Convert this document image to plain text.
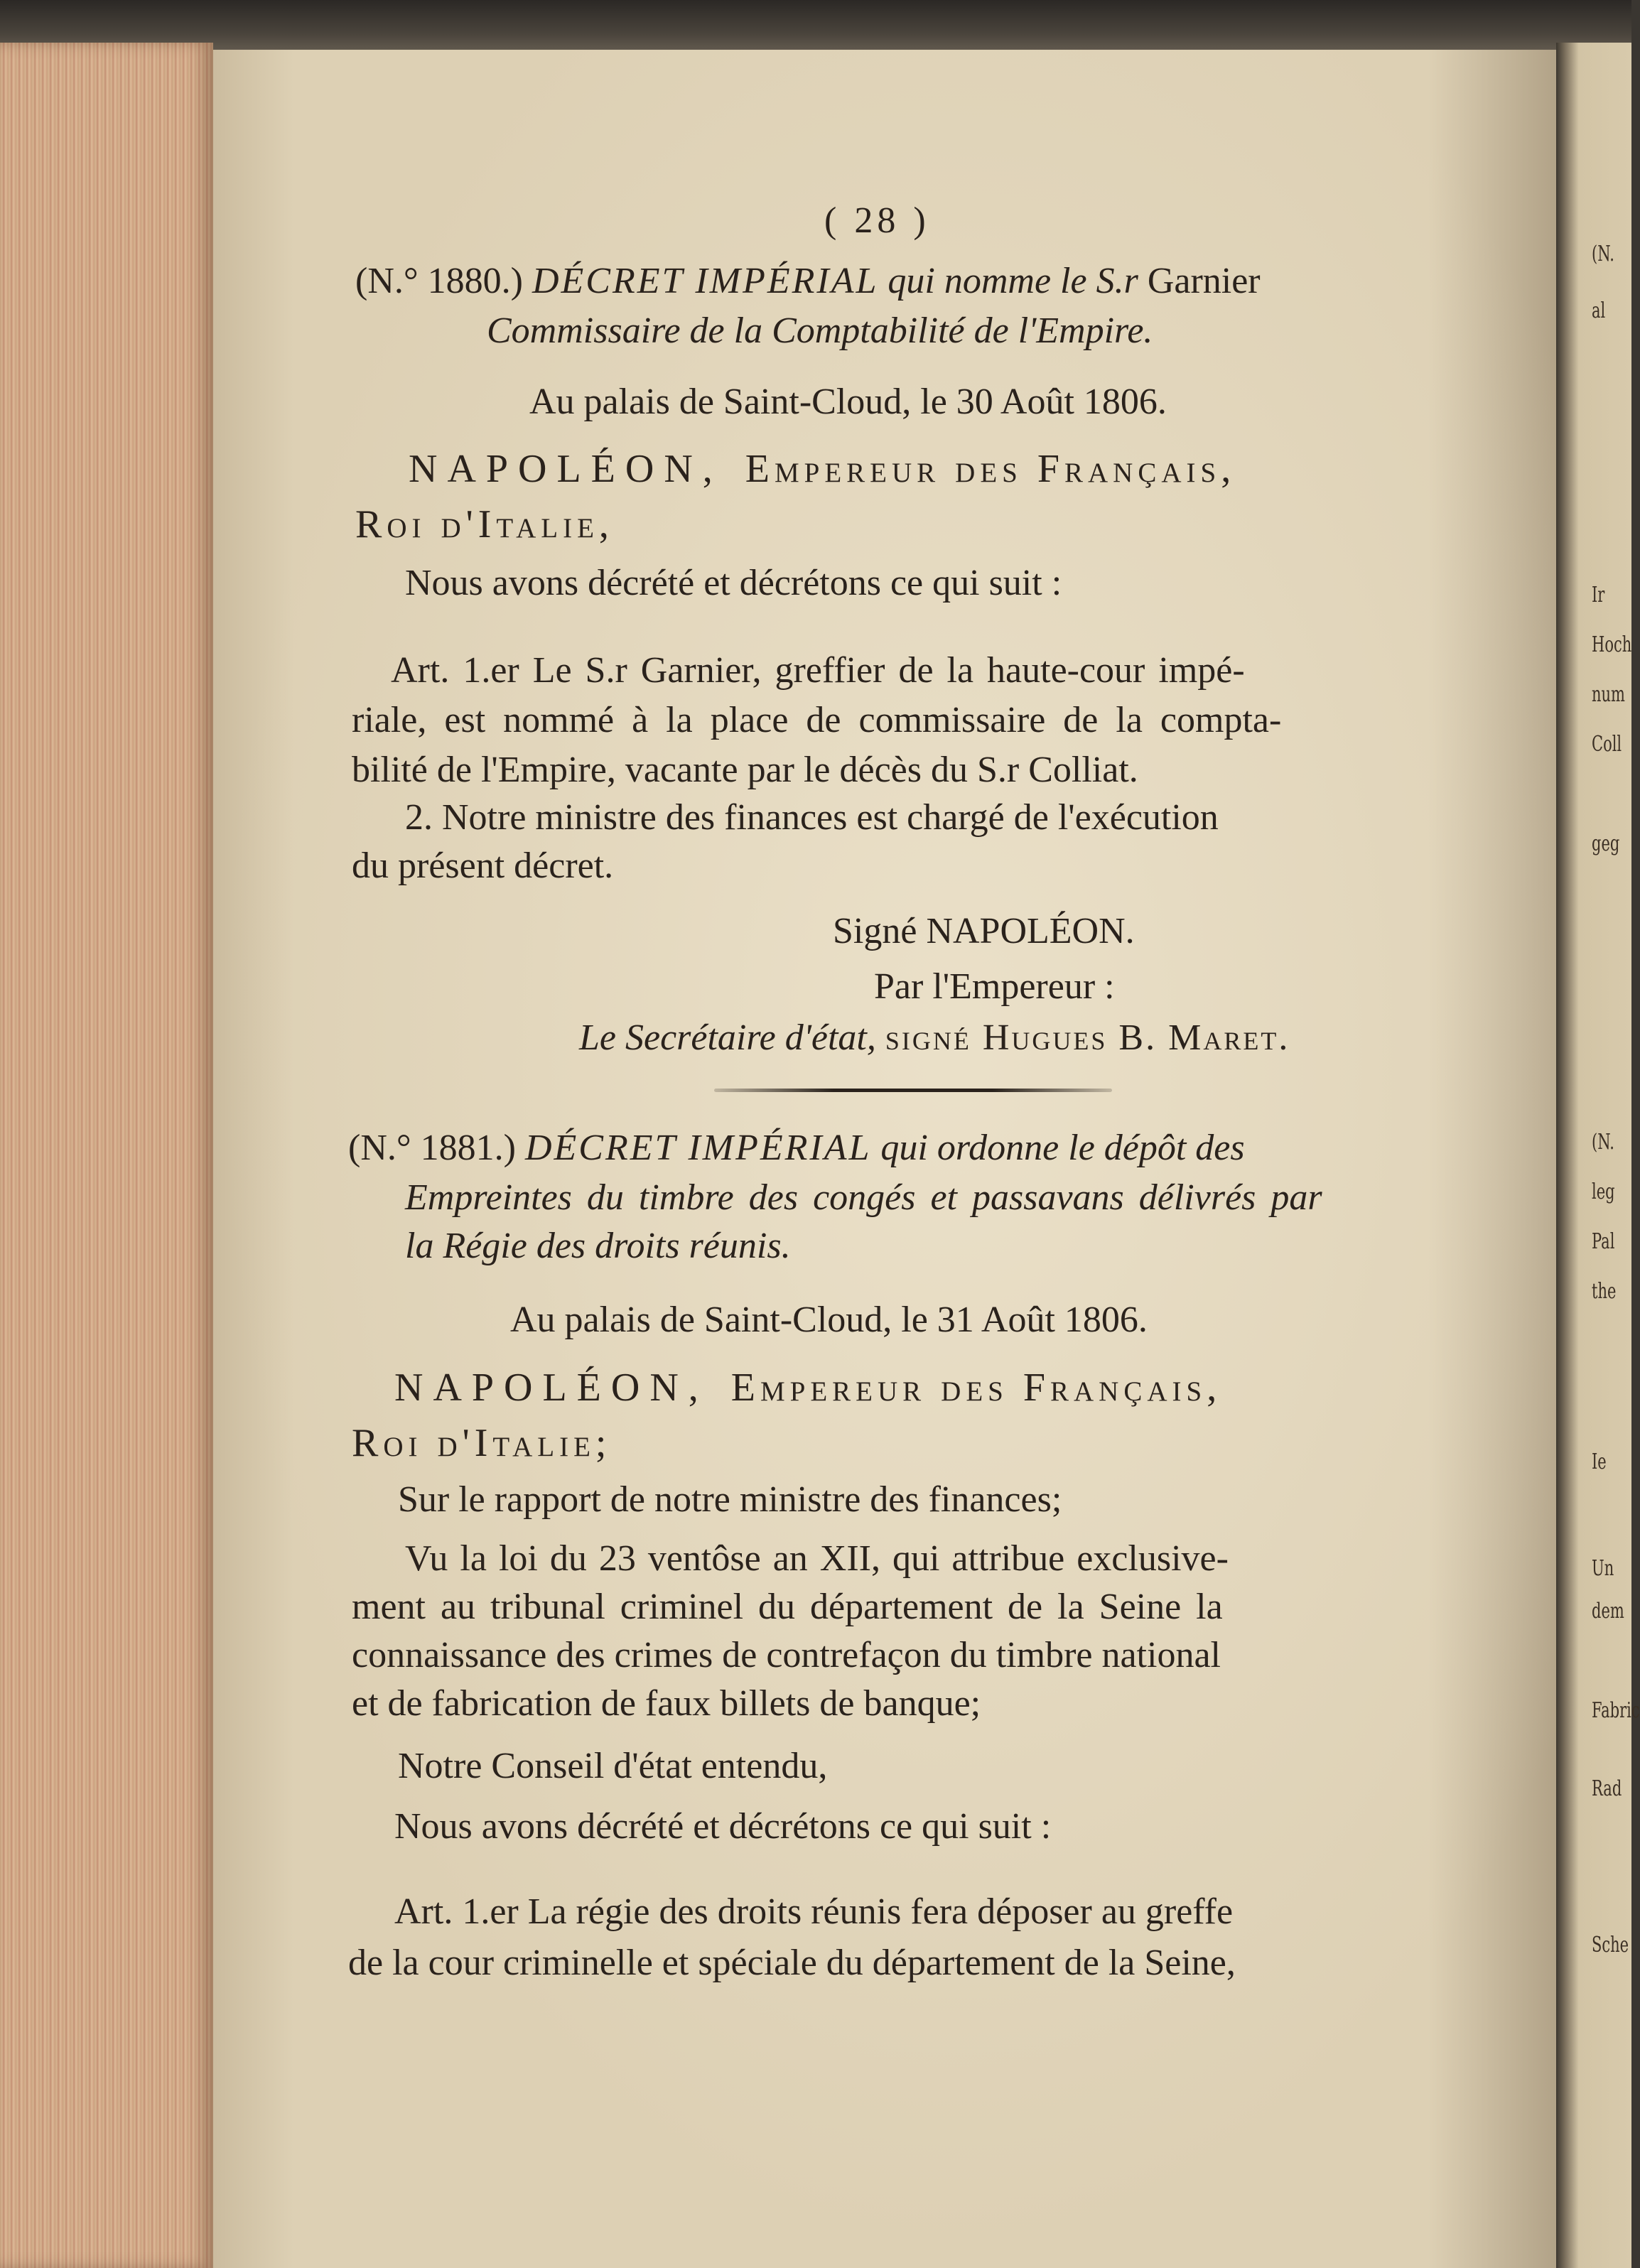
(N.
al
Ir
Hoch
num
Coll
geg
(N.
leg
Pal
the
Ie
Un
dem
Fabric
Rad
Sche
( 28 )
(N.° 1880.) DÉCRET IMPÉRIAL qui nomme le S.r Garnier
Commissaire de la Comptabilité de l'Empire.
Au palais de Saint-Cloud, le 30 Août 1806.
NAPOLÉON, Empereur des Français,
Roi d'Italie,
Nous avons décrété et décrétons ce qui suit :
Art. 1.er Le S.r Garnier, greffier de la haute-cour impé-
riale, est nommé à la place de commissaire de la compta-
bilité de l'Empire, vacante par le décès du S.r Colliat.
2. Notre ministre des finances est chargé de l'exécution
du présent décret.
Signé NAPOLÉON.
Par l'Empereur :
Le Secrétaire d'état, signé Hugues B. Maret.
(N.° 1881.) DÉCRET IMPÉRIAL qui ordonne le dépôt des
Empreintes du timbre des congés et passavans délivrés par
la Régie des droits réunis.
Au palais de Saint-Cloud, le 31 Août 1806.
NAPOLÉON, Empereur des Français,
Roi d'Italie;
Sur le rapport de notre ministre des finances;
Vu la loi du 23 ventôse an XII, qui attribue exclusive-
ment au tribunal criminel du département de la Seine la
connaissance des crimes de contrefaçon du timbre national
et de fabrication de faux billets de banque;
Notre Conseil d'état entendu,
Nous avons décrété et décrétons ce qui suit :
Art. 1.er La régie des droits réunis fera déposer au greffe
de la cour criminelle et spéciale du département de la Seine,
